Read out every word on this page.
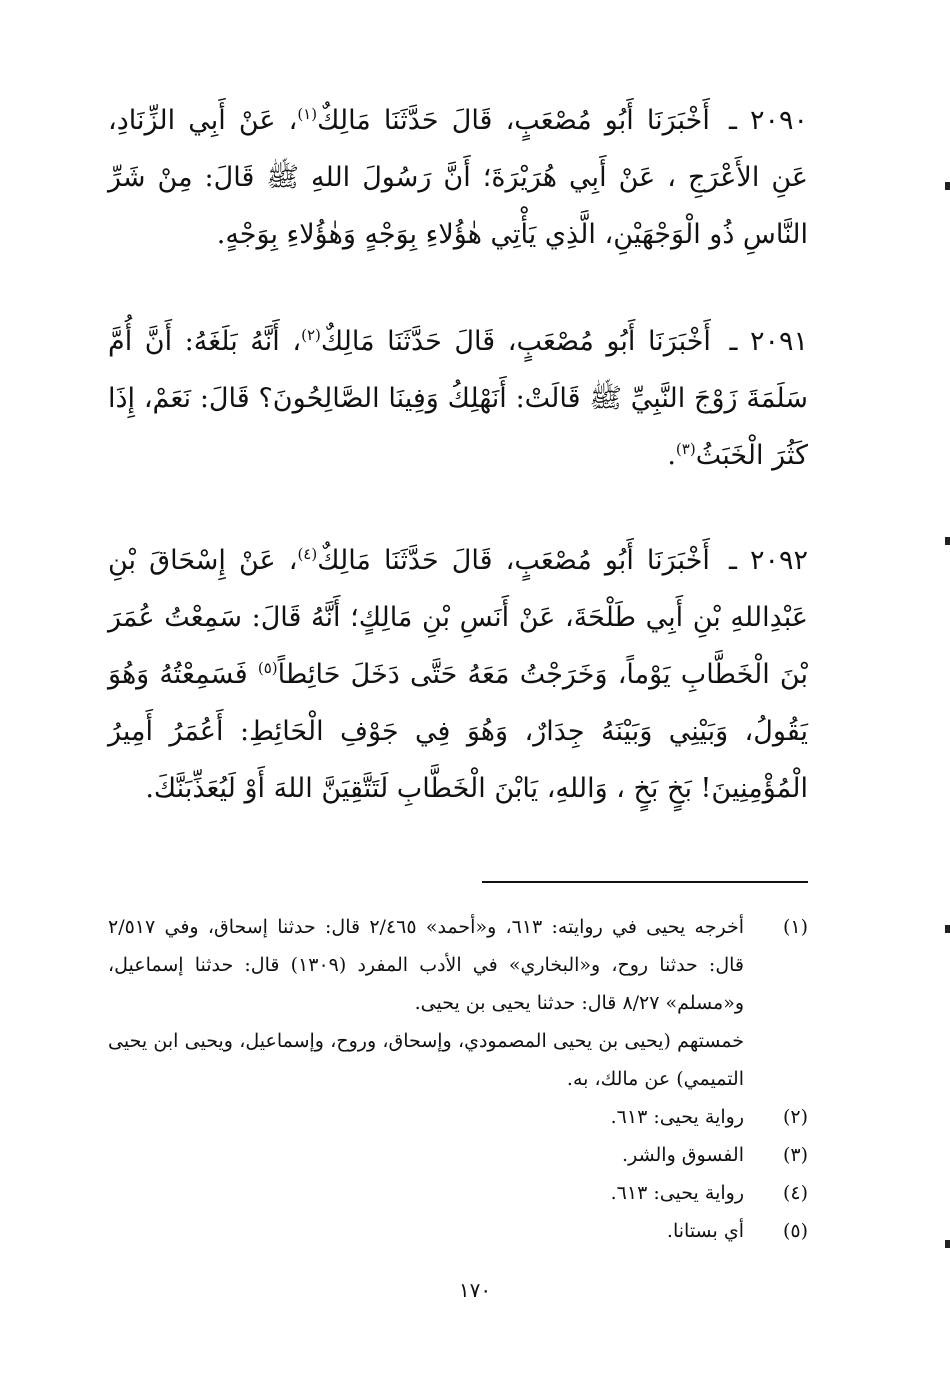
٢٠٩٠ ـ أَخْبَرَنَا أَبُو مُصْعَبٍ، قَالَ حَدَّثَنَا مَالِكٌ$^{(١)}$، عَنْ أَبِي الزِّنَادِ، عَنِ الأَعْرَجِ ، عَنْ أَبِي هُرَيْرَةَ؛ أَنَّ رَسُولَ اللهِ ﷺ قَالَ: مِنْ شَرِّ النَّاسِ ذُو الْوَجْهَيْنِ، الَّذِي يَأْتِي هٰؤُلاءِ بِوَجْهٍ وَهٰؤُلاءِ بِوَجْهٍ.
٢٠٩١ ـ أَخْبَرَنَا أَبُو مُصْعَبٍ، قَالَ حَدَّثَنَا مَالِكٌ$^{(٢)}$، أَنَّهُ بَلَغَهُ: أَنَّ أُمَّ سَلَمَةَ زَوْجَ النَّبِيِّ ﷺ قَالَتْ: أَنَهْلِكُ وَفِينَا الصَّالِحُونَ؟ قَالَ: نَعَمْ، إِذَا كَثُرَ الْخَبَثُ$^{(٣)}$.
٢٠٩٢ ـ أَخْبَرَنَا أَبُو مُصْعَبٍ، قَالَ حَدَّثَنَا مَالِكٌ$^{(٤)}$، عَنْ إِسْحَاقَ بْنِ عَبْدِاللهِ بْنِ أَبِي طَلْحَةَ، عَنْ أَنَسِ بْنِ مَالِكٍ؛ أَنَّهُ قَالَ: سَمِعْتُ عُمَرَ بْنَ الْخَطَّابِ يَوْماً، وَخَرَجْتُ مَعَهُ حَتَّى دَخَلَ حَائِطاً$^{(٥)}$ فَسَمِعْتُهُ وَهُوَ يَقُولُ، وَبَيْنِي وَبَيْنَهُ جِدَارٌ، وَهُوَ فِي جَوْفِ الْحَائِطِ: أَعُمَرُ أَمِيرُ الْمُؤْمِنِينَ! بَخٍ بَخٍ ، وَاللهِ، يَابْنَ الْخَطَّابِ لَتَتَّقِيَنَّ اللهَ أَوْ لَيُعَذِّبَنَّكَ.
(١)
أخرجه يحيى في روايته: ٦١٣، و«أحمد» ٢/٤٦٥ قال: حدثنا إسحاق، وفي ٢/٥١٧ قال: حدثنا روح، و«البخاري» في الأدب المفرد (١٣٠٩) قال: حدثنا إسماعيل، و«مسلم» ٨/٢٧ قال: حدثنا يحيى بن يحيى.
خمستهم (يحيى بن يحيى المصمودي، وإسحاق، وروح، وإسماعيل، ويحيى ابن يحيى التميمي) عن مالك، به.
(٢)
رواية يحيى: ٦١٣.
(٣)
الفسوق والشر.
(٤)
رواية يحيى: ٦١٣.
(٥)
أي بستانا.
١٧٠
